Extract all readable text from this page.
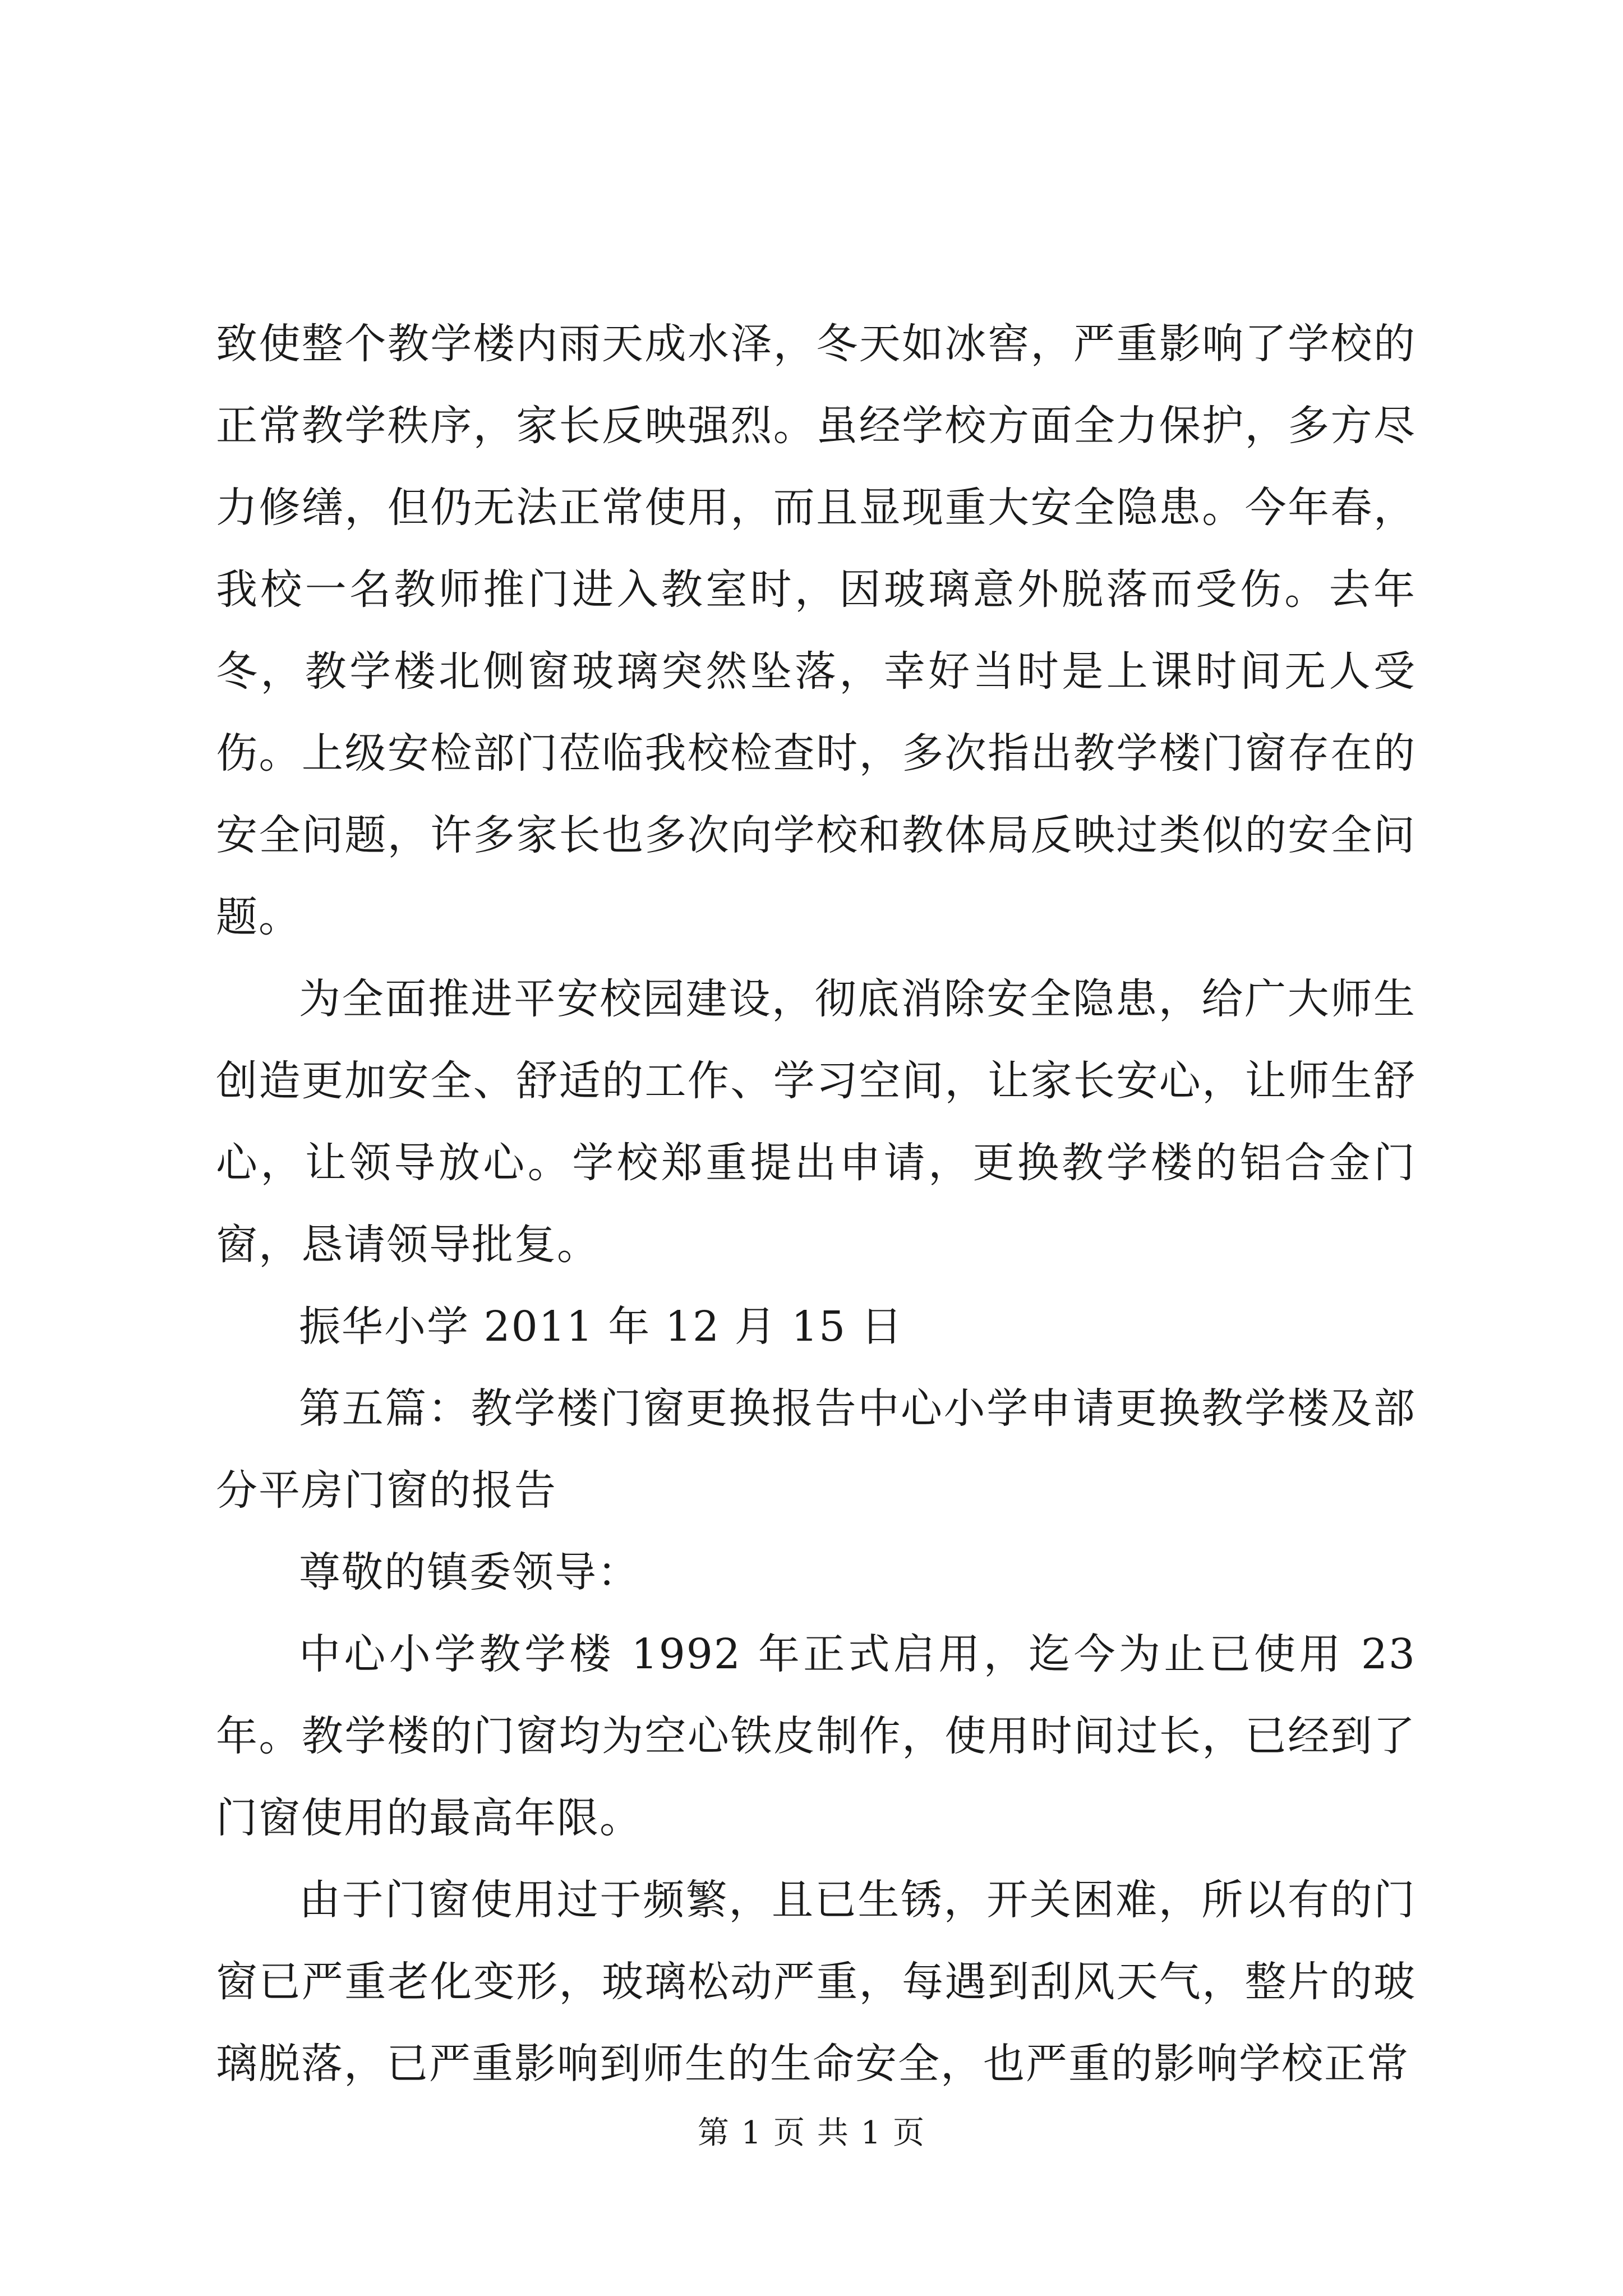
致使整个教学楼内雨天成水泽，冬天如冰窖，严重影响了学校的正常教学秩序，家长反映强烈。虽经学校方面全力保护，多方尽力修缮，但仍无法正常使用，而且显现重大安全隐患。今年春，我校一名教师推门进入教室时，因玻璃意外脱落而受伤。去年冬，教学楼北侧窗玻璃突然坠落，幸好当时是上课时间无人受伤。上级安检部门莅临我校检查时，多次指出教学楼门窗存在的安全问题，许多家长也多次向学校和教体局反映过类似的安全问题。

为全面推进平安校园建设，彻底消除安全隐患，给广大师生创造更加安全、舒适的工作、学习空间，让家长安心，让师生舒心，让领导放心。学校郑重提出申请，更换教学楼的铝合金门窗，恳请领导批复。

振华小学 2011 年 12 月 15 日

第五篇：教学楼门窗更换报告中心小学申请更换教学楼及部分平房门窗的报告

尊敬的镇委领导：

中心小学教学楼 1992 年正式启用，迄今为止已使用 23 年。教学楼的门窗均为空心铁皮制作，使用时间过长，已经到了门窗使用的最高年限。

由于门窗使用过于频繁，且已生锈，开关困难，所以有的门窗已严重老化变形，玻璃松动严重，每遇到刮风天气，整片的玻璃脱落，已严重影响到师生的生命安全，也严重的影响学校正常

第 1 页 共 1 页
